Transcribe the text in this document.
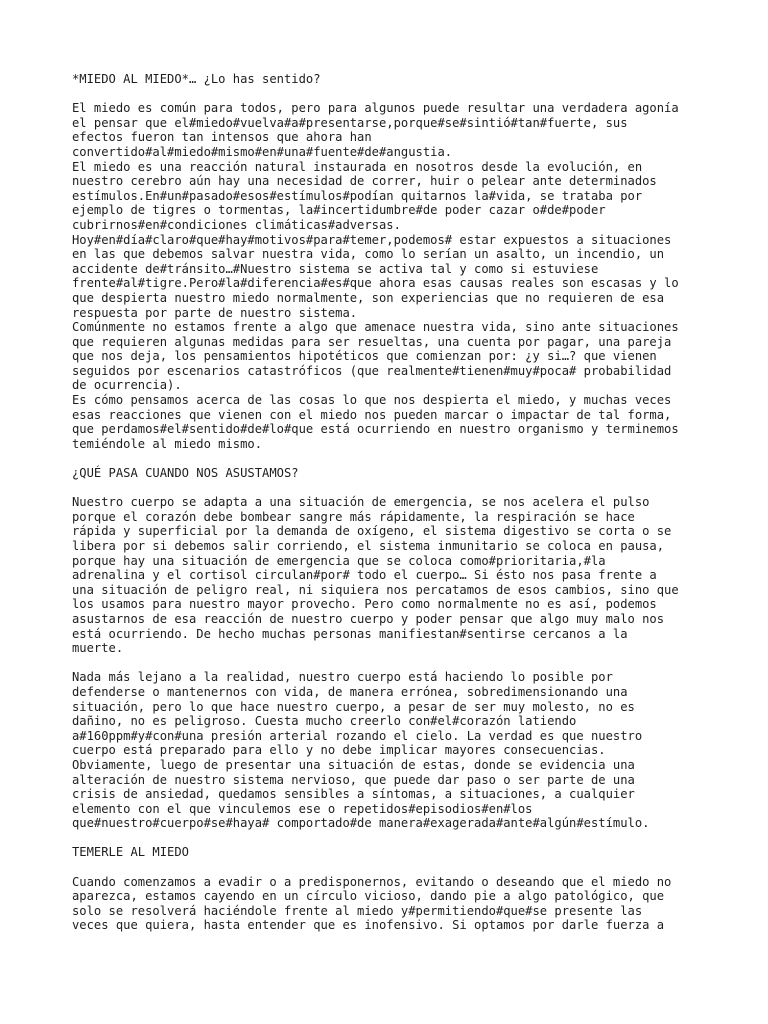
*MIEDO AL MIEDO*… ¿Lo has sentido?

El miedo es común para todos, pero para algunos puede resultar una verdadera agonía
el pensar que el#miedo#vuelva#a#presentarse,porque#se#sintió#tan#fuerte, sus
efectos fueron tan intensos que ahora han
convertido#al#miedo#mismo#en#una#fuente#de#angustia.
El miedo es una reacción natural instaurada en nosotros desde la evolución, en
nuestro cerebro aún hay una necesidad de correr, huir o pelear ante determinados
estímulos.En#un#pasado#esos#estímulos#podían quitarnos la#vida, se trataba por
ejemplo de tigres o tormentas, la#incertidumbre#de poder cazar o#de#poder
cubrirnos#en#condiciones climáticas#adversas.
Hoy#en#día#claro#que#hay#motivos#para#temer,podemos# estar expuestos a situaciones
en las que debemos salvar nuestra vida, como lo serían un asalto, un incendio, un
accidente de#tránsito…#Nuestro sistema se activa tal y como si estuviese
frente#al#tigre.Pero#la#diferencia#es#que ahora esas causas reales son escasas y lo
que despierta nuestro miedo normalmente, son experiencias que no requieren de esa
respuesta por parte de nuestro sistema.
Comúnmente no estamos frente a algo que amenace nuestra vida, sino ante situaciones
que requieren algunas medidas para ser resueltas, una cuenta por pagar, una pareja
que nos deja, los pensamientos hipotéticos que comienzan por: ¿y si…? que vienen
seguidos por escenarios catastróficos (que realmente#tienen#muy#poca# probabilidad
de ocurrencia).
Es cómo pensamos acerca de las cosas lo que nos despierta el miedo, y muchas veces
esas reacciones que vienen con el miedo nos pueden marcar o impactar de tal forma,
que perdamos#el#sentido#de#lo#que está ocurriendo en nuestro organismo y terminemos
temiéndole al miedo mismo.

¿QUÉ PASA CUANDO NOS ASUSTAMOS?

Nuestro cuerpo se adapta a una situación de emergencia, se nos acelera el pulso
porque el corazón debe bombear sangre más rápidamente, la respiración se hace
rápida y superficial por la demanda de oxígeno, el sistema digestivo se corta o se
libera por si debemos salir corriendo, el sistema inmunitario se coloca en pausa,
porque hay una situación de emergencia que se coloca como#prioritaria,#la
adrenalina y el cortisol circulan#por# todo el cuerpo… Si ésto nos pasa frente a
una situación de peligro real, ni siquiera nos percatamos de esos cambios, sino que
los usamos para nuestro mayor provecho. Pero como normalmente no es así, podemos
asustarnos de esa reacción de nuestro cuerpo y poder pensar que algo muy malo nos
está ocurriendo. De hecho muchas personas manifiestan#sentirse cercanos a la
muerte.

Nada más lejano a la realidad, nuestro cuerpo está haciendo lo posible por
defenderse o mantenernos con vida, de manera errónea, sobredimensionando una
situación, pero lo que hace nuestro cuerpo, a pesar de ser muy molesto, no es
dañino, no es peligroso. Cuesta mucho creerlo con#el#corazón latiendo
a#160ppm#y#con#una presión arterial rozando el cielo. La verdad es que nuestro
cuerpo está preparado para ello y no debe implicar mayores consecuencias.
Obviamente, luego de presentar una situación de estas, donde se evidencia una
alteración de nuestro sistema nervioso, que puede dar paso o ser parte de una
crisis de ansiedad, quedamos sensibles a síntomas, a situaciones, a cualquier
elemento con el que vinculemos ese o repetidos#episodios#en#los
que#nuestro#cuerpo#se#haya# comportado#de manera#exagerada#ante#algún#estímulo.

TEMERLE AL MIEDO

Cuando comenzamos a evadir o a predisponernos, evitando o deseando que el miedo no
aparezca, estamos cayendo en un círculo vicioso, dando pie a algo patológico, que
solo se resolverá haciéndole frente al miedo y#permitiendo#que#se presente las
veces que quiera, hasta entender que es inofensivo. Si optamos por darle fuerza a
